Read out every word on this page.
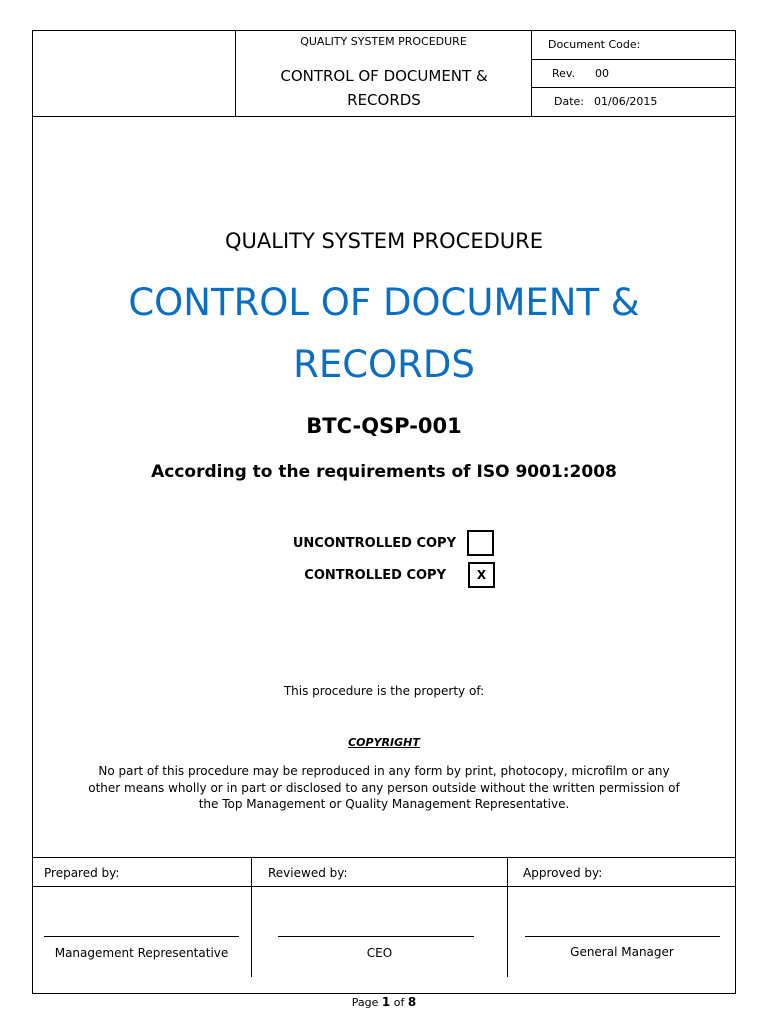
QUALITY SYSTEM PROCEDURE
CONTROL OF DOCUMENT & RECORDS
Document Code:
Rev. 00
Date: 01/06/2015
QUALITY SYSTEM PROCEDURE
CONTROL OF DOCUMENT &
RECORDS
BTC-QSP-001
According to the requirements of ISO 9001:2008
UNCONTROLLED COPY
CONTROLLED COPY	X
This procedure is the property of:
COPYRIGHT
No part of this procedure may be reproduced in any form by print, photocopy, microfilm or any
other means wholly or in part or disclosed to any person outside without the written permission of
the Top Management or Quality Management Representative.
Prepared by:	Reviewed by:	Approved by:
Management Representative	CEO	General Manager
Page 1 of 8
